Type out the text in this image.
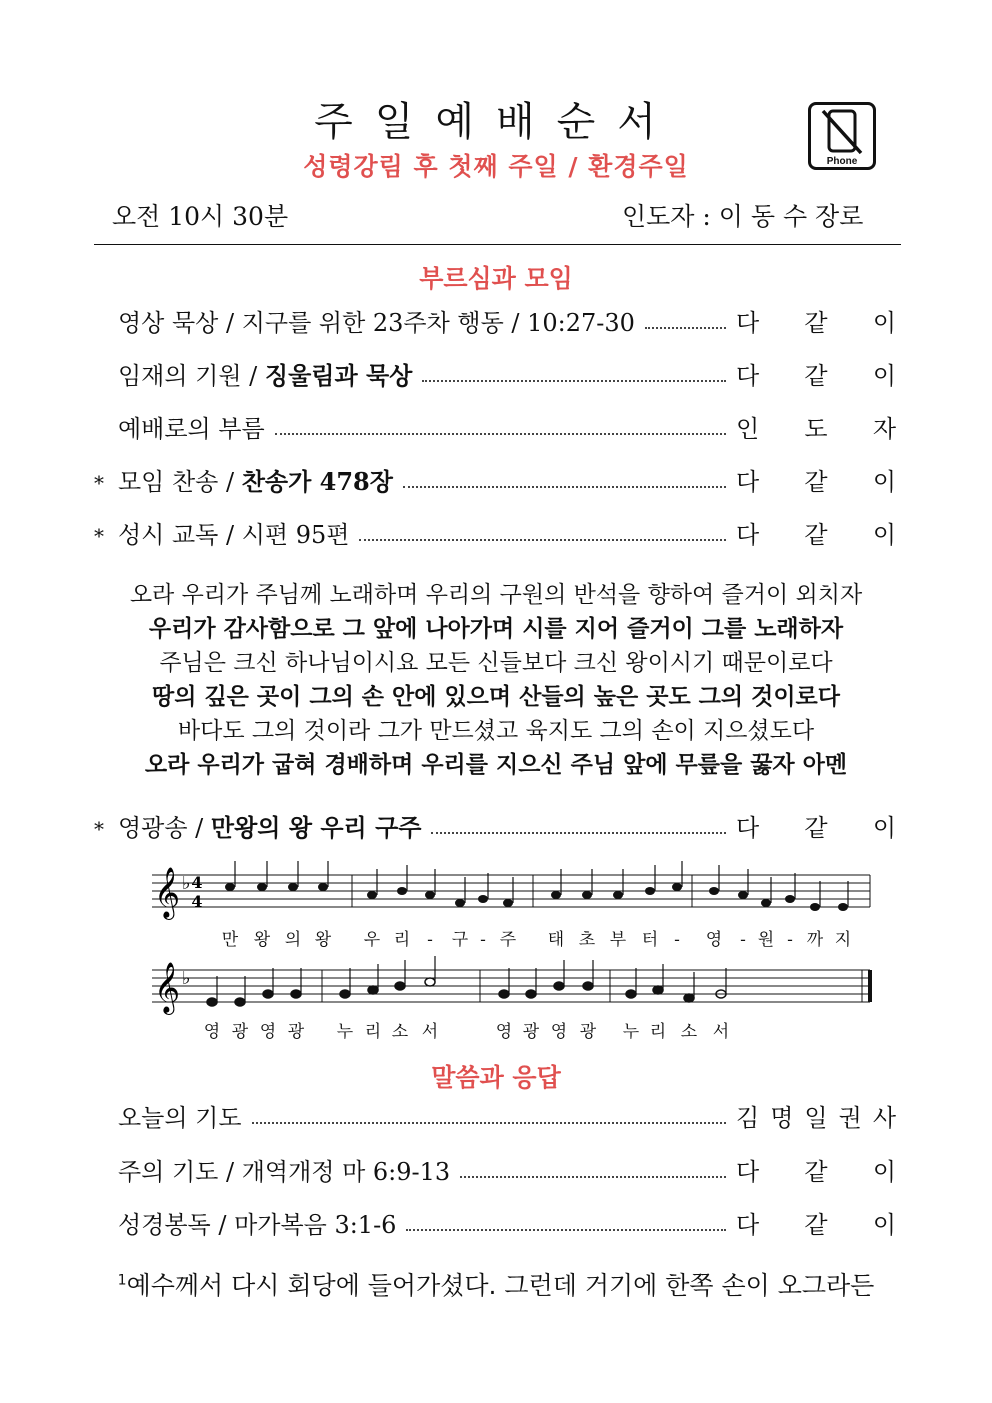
주일예배순서
성령강림 후 첫째 주일 / 환경주일	Phone
오전 10시 30분	인도자 : 이 동 수 장로
부르심과 모임
영상 묵상 / 지구를 위한 23주차 행동 / 10:27-30	다 같 이
임재의 기원 / 징울림과 묵상	다 같 이
예배로의 부름	인 도 자
* 모임 찬송 / 찬송가 478장	다 같 이
* 성시 교독 / 시편 95편	다 같 이
* 영광송 / 만왕의 왕 우리 구주	다 같 이
오늘의 기도	김 명 일 권 사
주의 기도 / 개역개정 마 6:9-13	다 같 이
성경봉독 / 마가복음 3:1-6	다 같 이
오라 우리가 주님께 노래하며 우리의 구원의 반석을 향하여 즐거이 외치자
우리가 감사함으로 그 앞에 나아가며 시를 지어 즐거이 그를 노래하자
주님은 크신 하나님이시요 모든 신들보다 크신 왕이시기 때문이로다
땅의 깊은 곳이 그의 손 안에 있으며 산들의 높은 곳도 그의 것이로다
바다도 그의 것이라 그가 만드셨고 육지도 그의 손이 지으셨도다
오라 우리가 굽혀 경배하며 우리를 지으신 주님 앞에 무릎을 꿇자 아멘
𝄞 ♭
𝄞 ♭
4
4
만 왕 의 왕 우 리 - 구 - 주 태 초 부 터 - 영 - 원 - 까 지
영 광 영 광 누 리 소 서	영 광 영 광 누 리 소 서
말씀과 응답
$^1$예수께서 다시 회당에 들어가셨다. 그런데 거기에 한쪽 손이 오그라든
